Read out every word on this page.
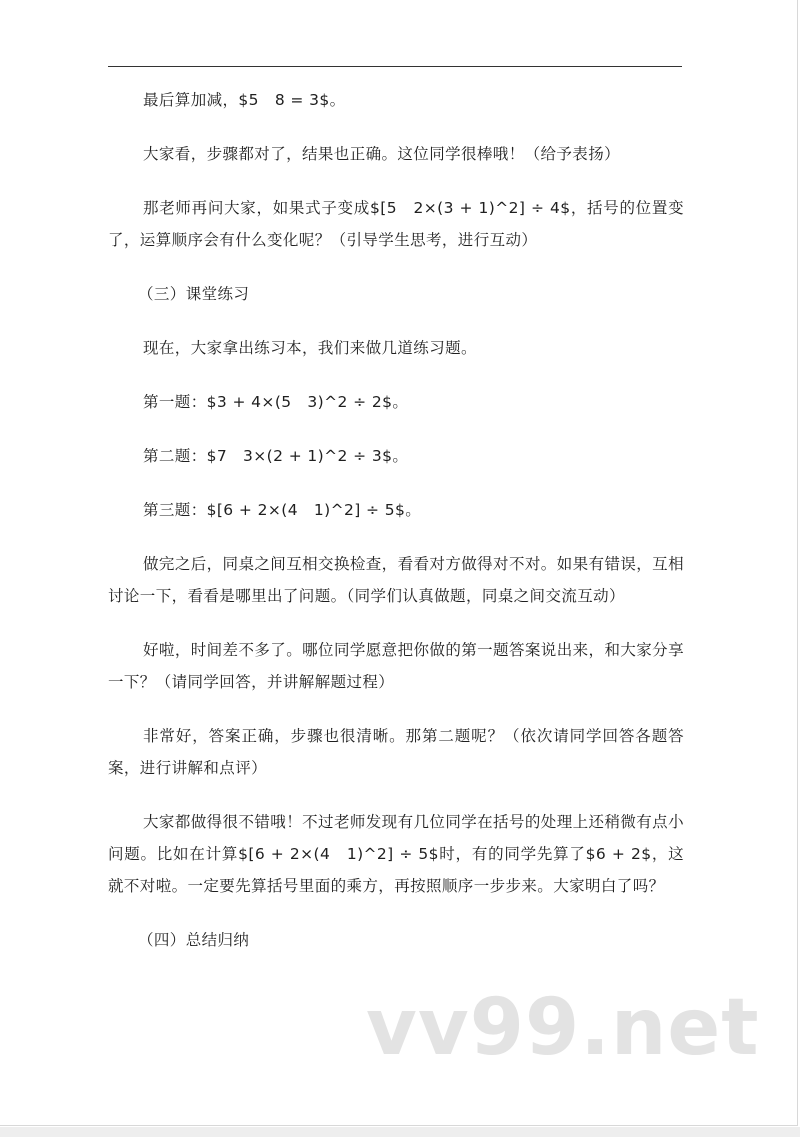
最后算加减，$5　8 = 3$。

大家看，步骤都对了，结果也正确。这位同学很棒哦！（给予表扬）

那老师再问大家，如果式子变成$[5　2×(3 + 1)^2] ÷ 4$，括号的位置变了，运算顺序会有什么变化呢？（引导学生思考，进行互动）

（三）课堂练习

现在，大家拿出练习本，我们来做几道练习题。

第一题：$3 + 4×(5　3)^2 ÷ 2$。

第二题：$7　3×(2 + 1)^2 ÷ 3$。

第三题：$[6 + 2×(4　1)^2] ÷ 5$。

做完之后，同桌之间互相交换检查，看看对方做得对不对。如果有错误，互相讨论一下，看看是哪里出了问题。（同学们认真做题，同桌之间交流互动）

好啦，时间差不多了。哪位同学愿意把你做的第一题答案说出来，和大家分享一下？（请同学回答，并讲解解题过程）

非常好，答案正确，步骤也很清晰。那第二题呢？（依次请同学回答各题答案，进行讲解和点评）

大家都做得很不错哦！不过老师发现有几位同学在括号的处理上还稍微有点小问题。比如在计算$[6 + 2×(4　1)^2] ÷ 5$时，有的同学先算了$6 + 2$，这就不对啦。一定要先算括号里面的乘方，再按照顺序一步步来。大家明白了吗？

（四）总结归纳

vv99.net
